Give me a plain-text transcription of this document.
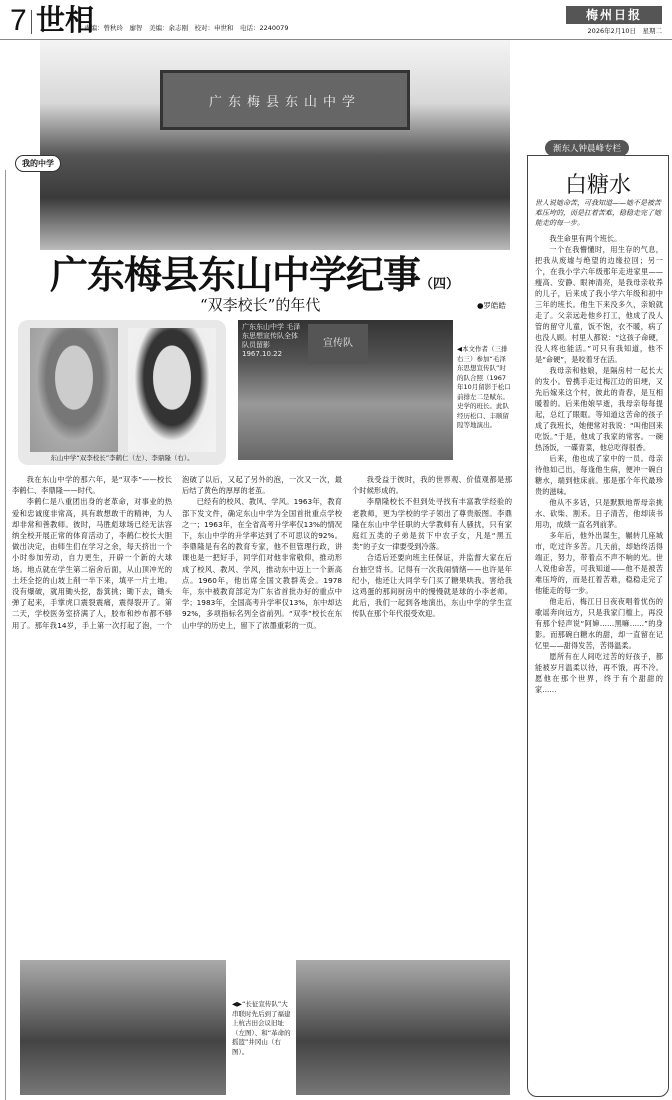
7 世相
责编：曾秋玲　廖智　美编：余志刚　校对：申世和　电话：2240079
梅州日报
2026年2月10日　星期二
广东梅县东山中学
我的中学
广东梅县东山中学纪事（四）
“双李校长”的年代	●罗皓皓
东山中学“双李校长”李鹤仁（左）、李鼎隆（右）。
广东东山中学 毛泽东思想宣传队全体队员留影 1967.10.22
宣传队	◀本文作者（三排右三）参加“毛泽东思想宣传队”时的队合照（1967年10月留影于松口前排左二是赋东。史学的班长。此队经历松口、丰顺留隍等地演出。

我在东山中学的那六年，是“双李”——校长李鹤仁、李鼎隆——时代。

李鹤仁是八重团出身的老革命，对事业的热爱和忠诚度非常高，具有敢想敢干的精神，为人却非常和善教师。彼时，马胜彪球场已经无法容纳全校开展正常的体育活动了，李鹤仁校长大胆做出决定，由师生们在学习之余，每天挤出一个小时参加劳动，自力更生，开辟一个新的大球场。地点就在学生第二宿舍后面，从山顶冲光的土坯全挖的山坡上削一半下来，填平一片土地。没有爆破，就用锄头挖，畚箕挑；锄下去，锄头弹了起来，手掌虎口震裂震痛，震得裂开了。第二天，学校医务室挤满了人，胶布和纱布都不够用了。那年我14岁，手上第一次打起了泡，一个泡破了以后，又起了另外的泡，一次又一次，最后结了黄色的厚厚的老茧。

已经有的校风、教风、学风。1963年，教育部下发文件，确定东山中学为全国首批重点学校之一；1963年，在全省高考升学率仅13%的情况下，东山中学的升学率达到了不可思议的92%。李鼎隆是有名的教育专家，他不但管理行政，讲课也是一把好手，同学们对他非常敬仰，推动形成了校风、教风、学风，推动东中迈上一个新高点。1960年，他出席全国文教群英会。1978年，东中被教育部定为广东省首批办好的重点中学；1983年，全国高考升学率仅13%，东中却达92%，多项指标名列全省前列。“双李”校长在东山中学的历史上，留下了浓墨重彩的一页。

我受益于彼时，我的世界观、价值观都是那个时候形成的。

李鼎隆校长不但到处寻找有丰富教学经验的老教师，更为学校的学子领出了尊贵版图。李鼎隆在东山中学任职的大学教师有人骚扰，只有家庭红五类的子弟是贫下中农子女，凡是“黑五类”的子女一律要受到冷落。

合适后还要向班主任保证，并监督大家在后台抽空背书。记得有一次我闹情绪——也许是年纪小，他还让大同学专门买了糖果哄我。害给我这鸡蛋的那间厨房中的慢慢就是球的小李老师。此后，我们一起到各地演出，东山中学的学生宣传队在那个年代很受欢迎。

◀▶“长征宣传队”大串联时先后到了福建上杭古田会议旧址（左图）、和“革命的摇篮”井冈山（右图）。
渐东人钟晨峰专栏
白糖水
世人说她命苦，可我知道——她不是被苦难压垮的，而是扛着苦难，稳稳走完了她能走的每一步。

我生命里有两个班长。

一个在我懵懂时，用生存的气息，把我从废墟与绝望的边缘拉回；另一个，在我小学六年级那年走进家里——瘦高、安静、眼神清亮，是我母亲收养的儿子，后来成了我小学六年级和初中三年的班长。他生下来没多久，亲娘就走了。父亲远赴他乡打工，他成了没人管的留守儿童，饭不饱，衣不暖，病了也没人顾。村里人都说：“这孩子命硬，没人疼也能活。”可只有我知道，他不是“命硬”，是咬着牙在活。

我母亲和他娘，是隔房村一起长大的发小。曾携手走过梅江边的田埂，又先后嫁来这个村，彼此的青春，是互相暖着的。后来他娘早逝，我母亲每每提起，总红了眼眶。等知道这苦命的孩子成了我班长，她便常对我说：“叫他回来吃饭。”于是，他成了我家的常客。一碗热汤饭，一碟青菜，他总吃得很香。

后来，他也成了家中的一员。母亲待他如己出，每逢他生病，便冲一碗白糖水，端到他床前。那是那个年代最珍贵的滋味。

他从不多话，只是默默地帮母亲挑水、砍柴、割禾。日子清苦，他却读书用功，成绩一直名列前茅。

多年后，他外出谋生，辗转几座城市，吃过许多苦。几天前，却始终活得端正，努力，带着点不声不响的光。世人说他命苦，可我知道——他不是被苦难压垮的，而是扛着苦难，稳稳走完了他能走的每一步。

他走后，梅江日日夜夜唱着忧伤的歌谣奔向远方，只是我家门槛上，再没有那个轻声说“阿婶……黑嘛……”的身影。而那碗白糖水的甜，却一直留在记忆里——甜得发苦，苦得温柔。

愿所有在人间吃过苦的好孩子，都能被岁月温柔以待，再不饿，再不冷。愿他在那个世界，终于有个甜甜的家……
